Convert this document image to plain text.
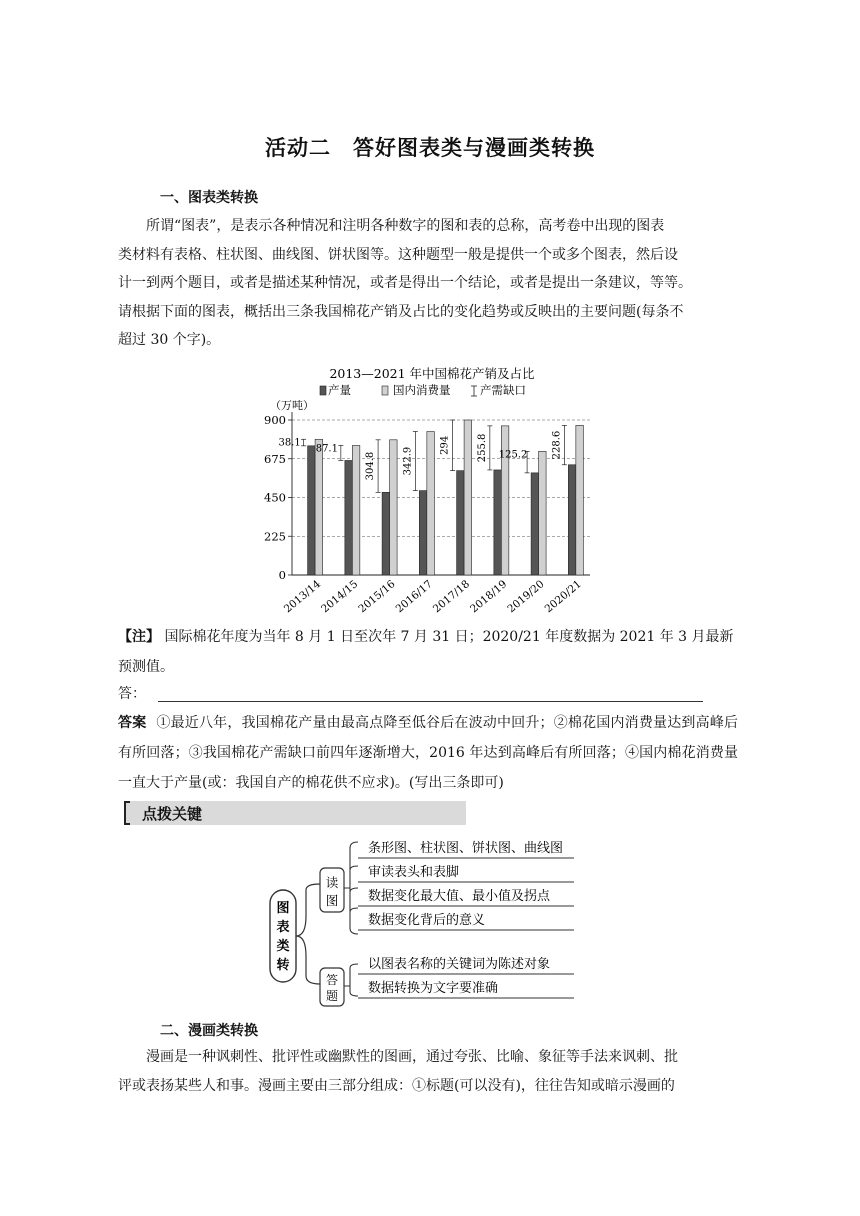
活动二　答好图表类与漫画类转换
一、图表类转换

所谓“图表”，是表示各种情况和注明各种数字的图和表的总称，高考卷中出现的图表

类材料有表格、柱状图、曲线图、饼状图等。这种题型一般是提供一个或多个图表，然后设

计一到两个题目，或者是描述某种情况，或者是得出一个结论，或者是提出一条建议，等等。

请根据下面的图表，概括出三条我国棉花产销及占比的变化趋势或反映出的主要问题(每条不

超过 30 个字)。

2013—2021 年中国棉花产销及占比
产量	国内消费量	产需缺口
（万吨）
0
225
450
675
900
38.1
2013/14
87.1
2014/15
304.8
2015/16
342.9
2016/17
294
2017/18
255.8
2018/19
125.2
2019/20
228.6
2020/21
【注】 国际棉花年度为当年 8 月 1 日至次年 7 月 31 日；2020/21 年度数据为 2021 年 3 月最新
预测值。
答：
答案 ①最近八年，我国棉花产量由最高点降至低谷后在波动中回升；②棉花国内消费量达到高峰后有所回落；③我国棉花产需缺口前四年逐渐增大，2016 年达到高峰后有所回落；④国内棉花消费量一直大于产量(或：我国自产的棉花供不应求)。(写出三条即可)
点拨关键
图
表
类
转
读
图
答
题
条形图、柱状图、饼状图、曲线图
审读表头和表脚
数据变化最大值、最小值及拐点
数据变化背后的意义
以图表名称的关键词为陈述对象
数据转换为文字要准确
二、漫画类转换

漫画是一种讽刺性、批评性或幽默性的图画，通过夸张、比喻、象征等手法来讽刺、批

评或表扬某些人和事。漫画主要由三部分组成：①标题(可以没有)，往往告知或暗示漫画的
